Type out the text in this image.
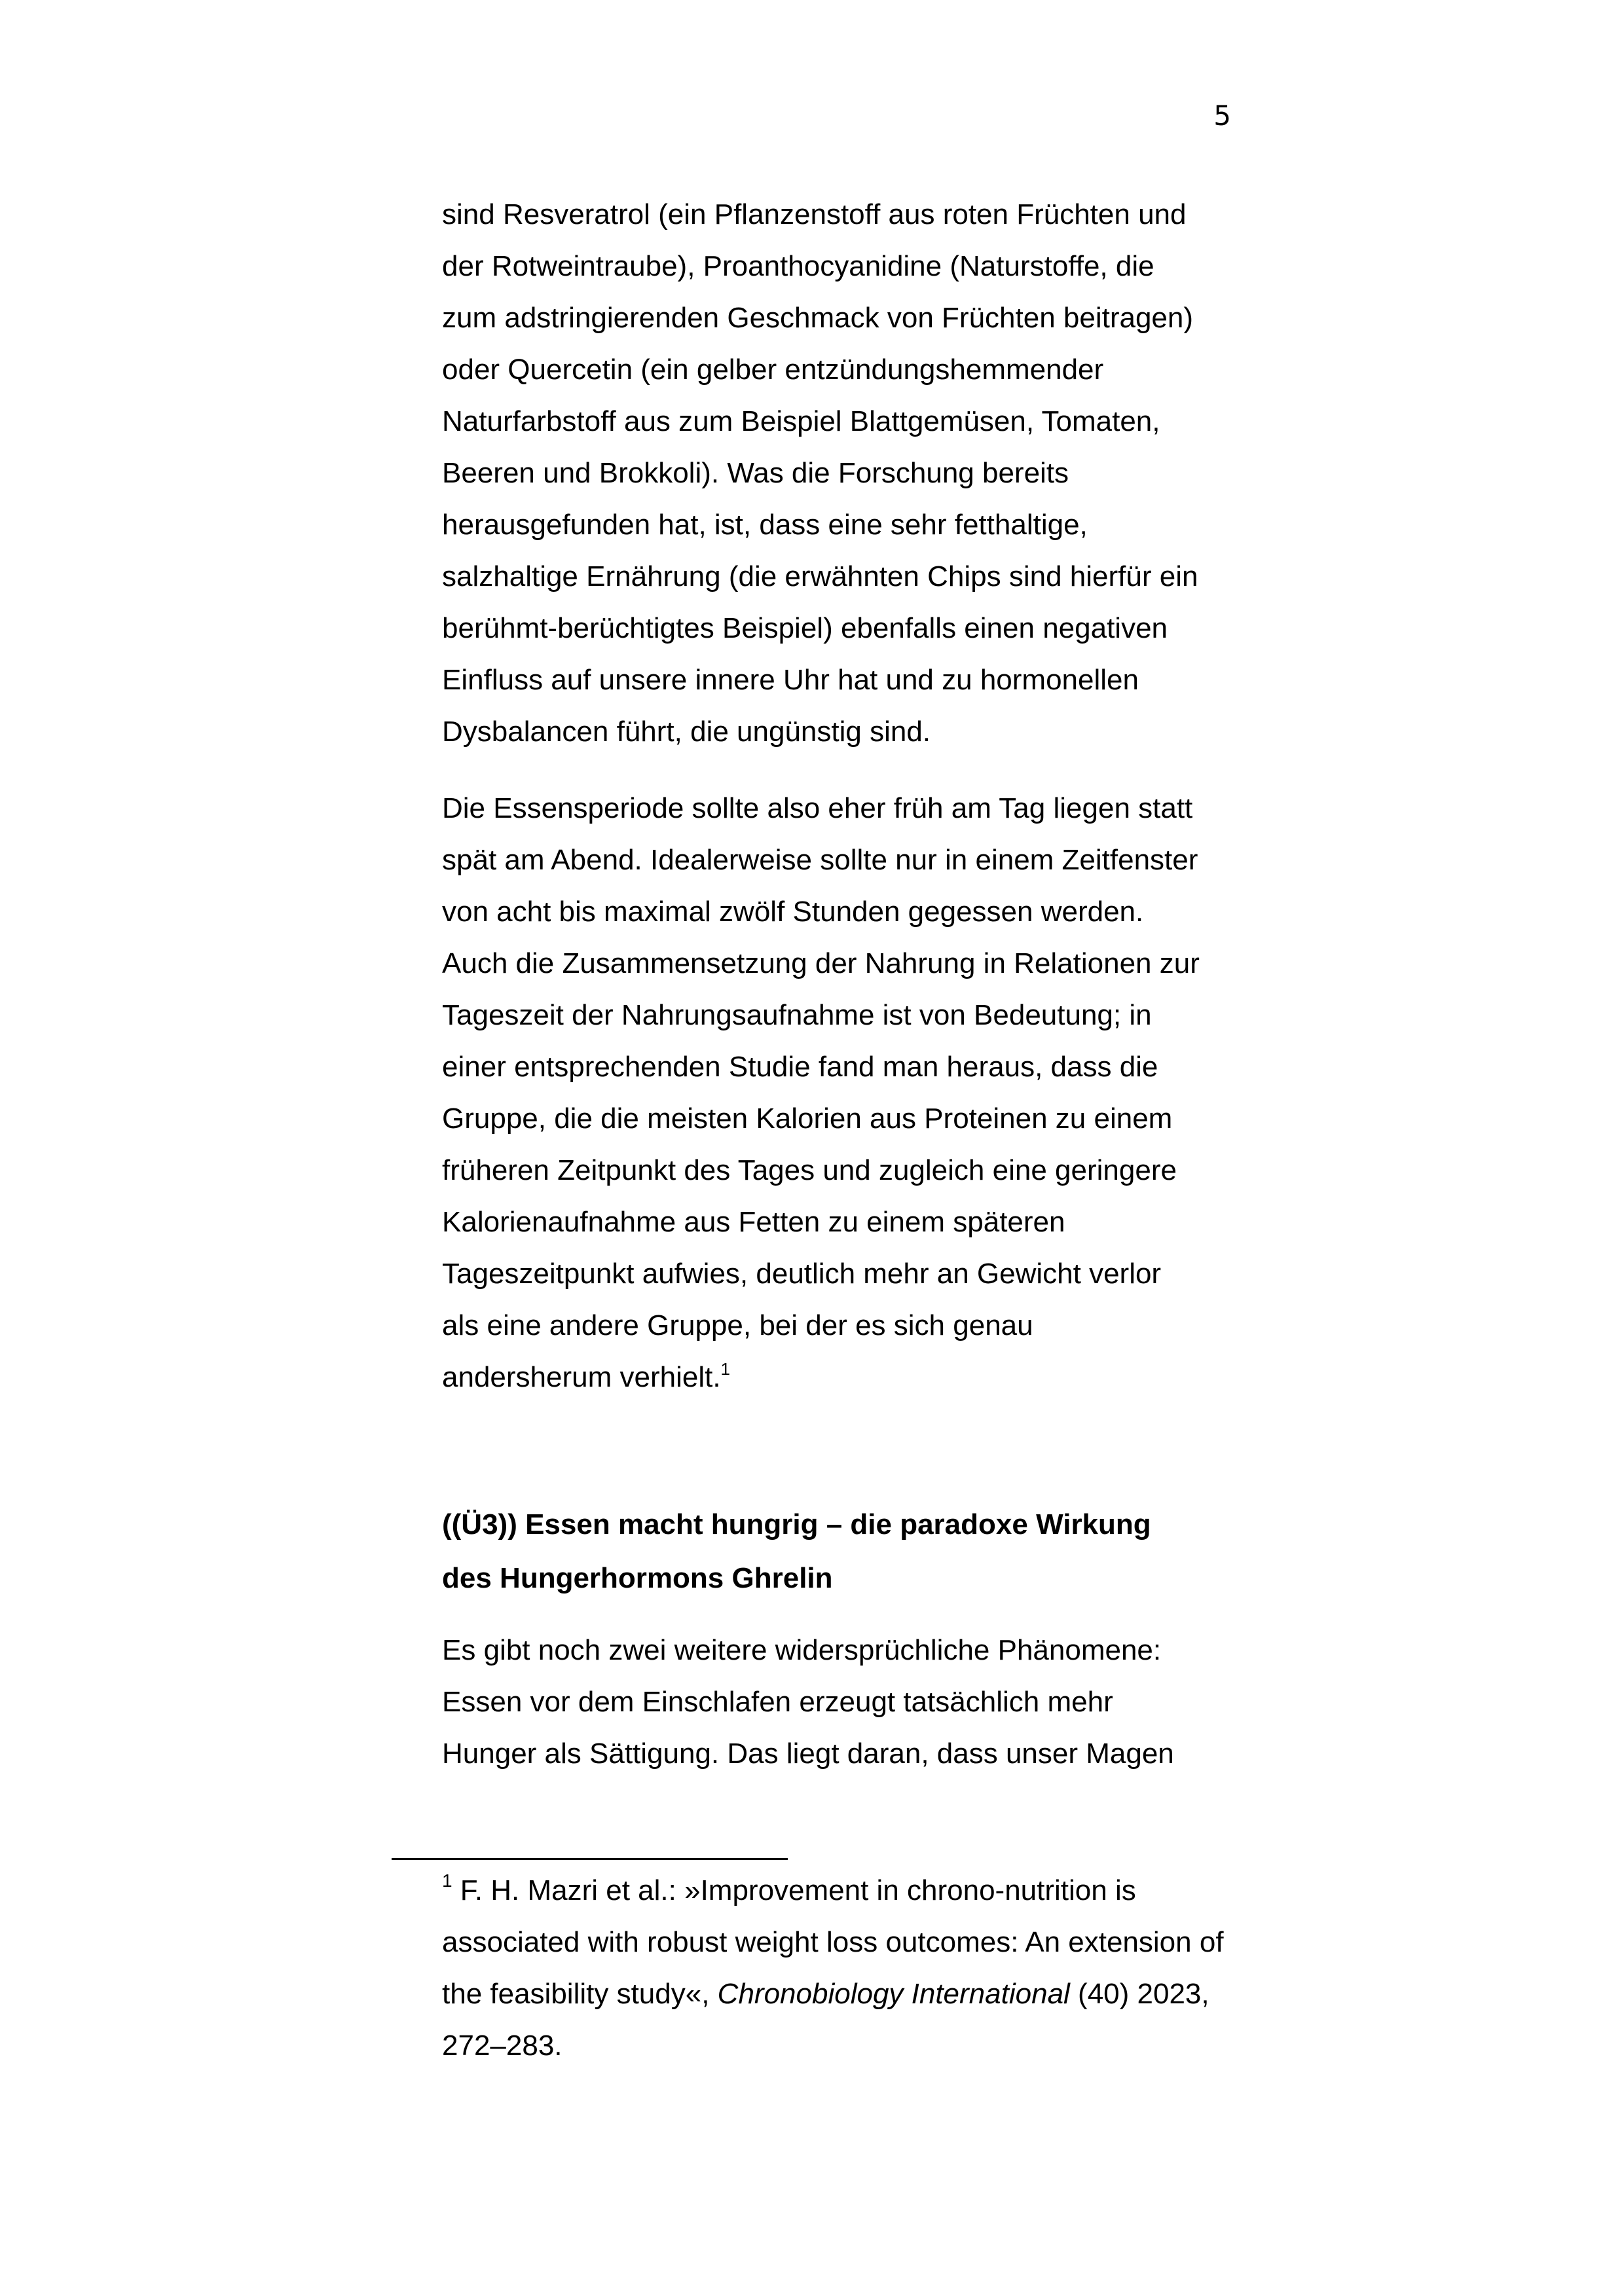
5

sind Resveratrol (ein Pflanzenstoff aus roten Früchten und
der Rotweintraube), Proanthocyanidine (Naturstoffe, die
zum adstringierenden Geschmack von Früchten beitragen)
oder Quercetin (ein gelber entzündungshemmender
Naturfarbstoff aus zum Beispiel Blattgemüsen, Tomaten,
Beeren und Brokkoli). Was die Forschung bereits
herausgefunden hat, ist, dass eine sehr fetthaltige,
salzhaltige Ernährung (die erwähnten Chips sind hierfür ein
berühmt-berüchtigtes Beispiel) ebenfalls einen negativen
Einfluss auf unsere innere Uhr hat und zu hormonellen
Dysbalancen führt, die ungünstig sind.

Die Essensperiode sollte also eher früh am Tag liegen statt
spät am Abend. Idealerweise sollte nur in einem Zeitfenster
von acht bis maximal zwölf Stunden gegessen werden.
Auch die Zusammensetzung der Nahrung in Relationen zur
Tageszeit der Nahrungsaufnahme ist von Bedeutung; in
einer entsprechenden Studie fand man heraus, dass die
Gruppe, die die meisten Kalorien aus Proteinen zu einem
früheren Zeitpunkt des Tages und zugleich eine geringere
Kalorienaufnahme aus Fetten zu einem späteren
Tageszeitpunkt aufwies, deutlich mehr an Gewicht verlor
als eine andere Gruppe, bei der es sich genau
andersherum verhielt.$^1$

((Ü3)) Essen macht hungrig – die paradoxe Wirkung
des Hungerhormons Ghrelin

Es gibt noch zwei weitere widersprüchliche Phänomene:
Essen vor dem Einschlafen erzeugt tatsächlich mehr
Hunger als Sättigung. Das liegt daran, dass unser Magen

$^1$ F. H. Mazri et al.: »Improvement in chrono-nutrition is associated with robust weight loss outcomes: An extension of the feasibility study«, Chronobiology International (40) 2023, 272–283.
